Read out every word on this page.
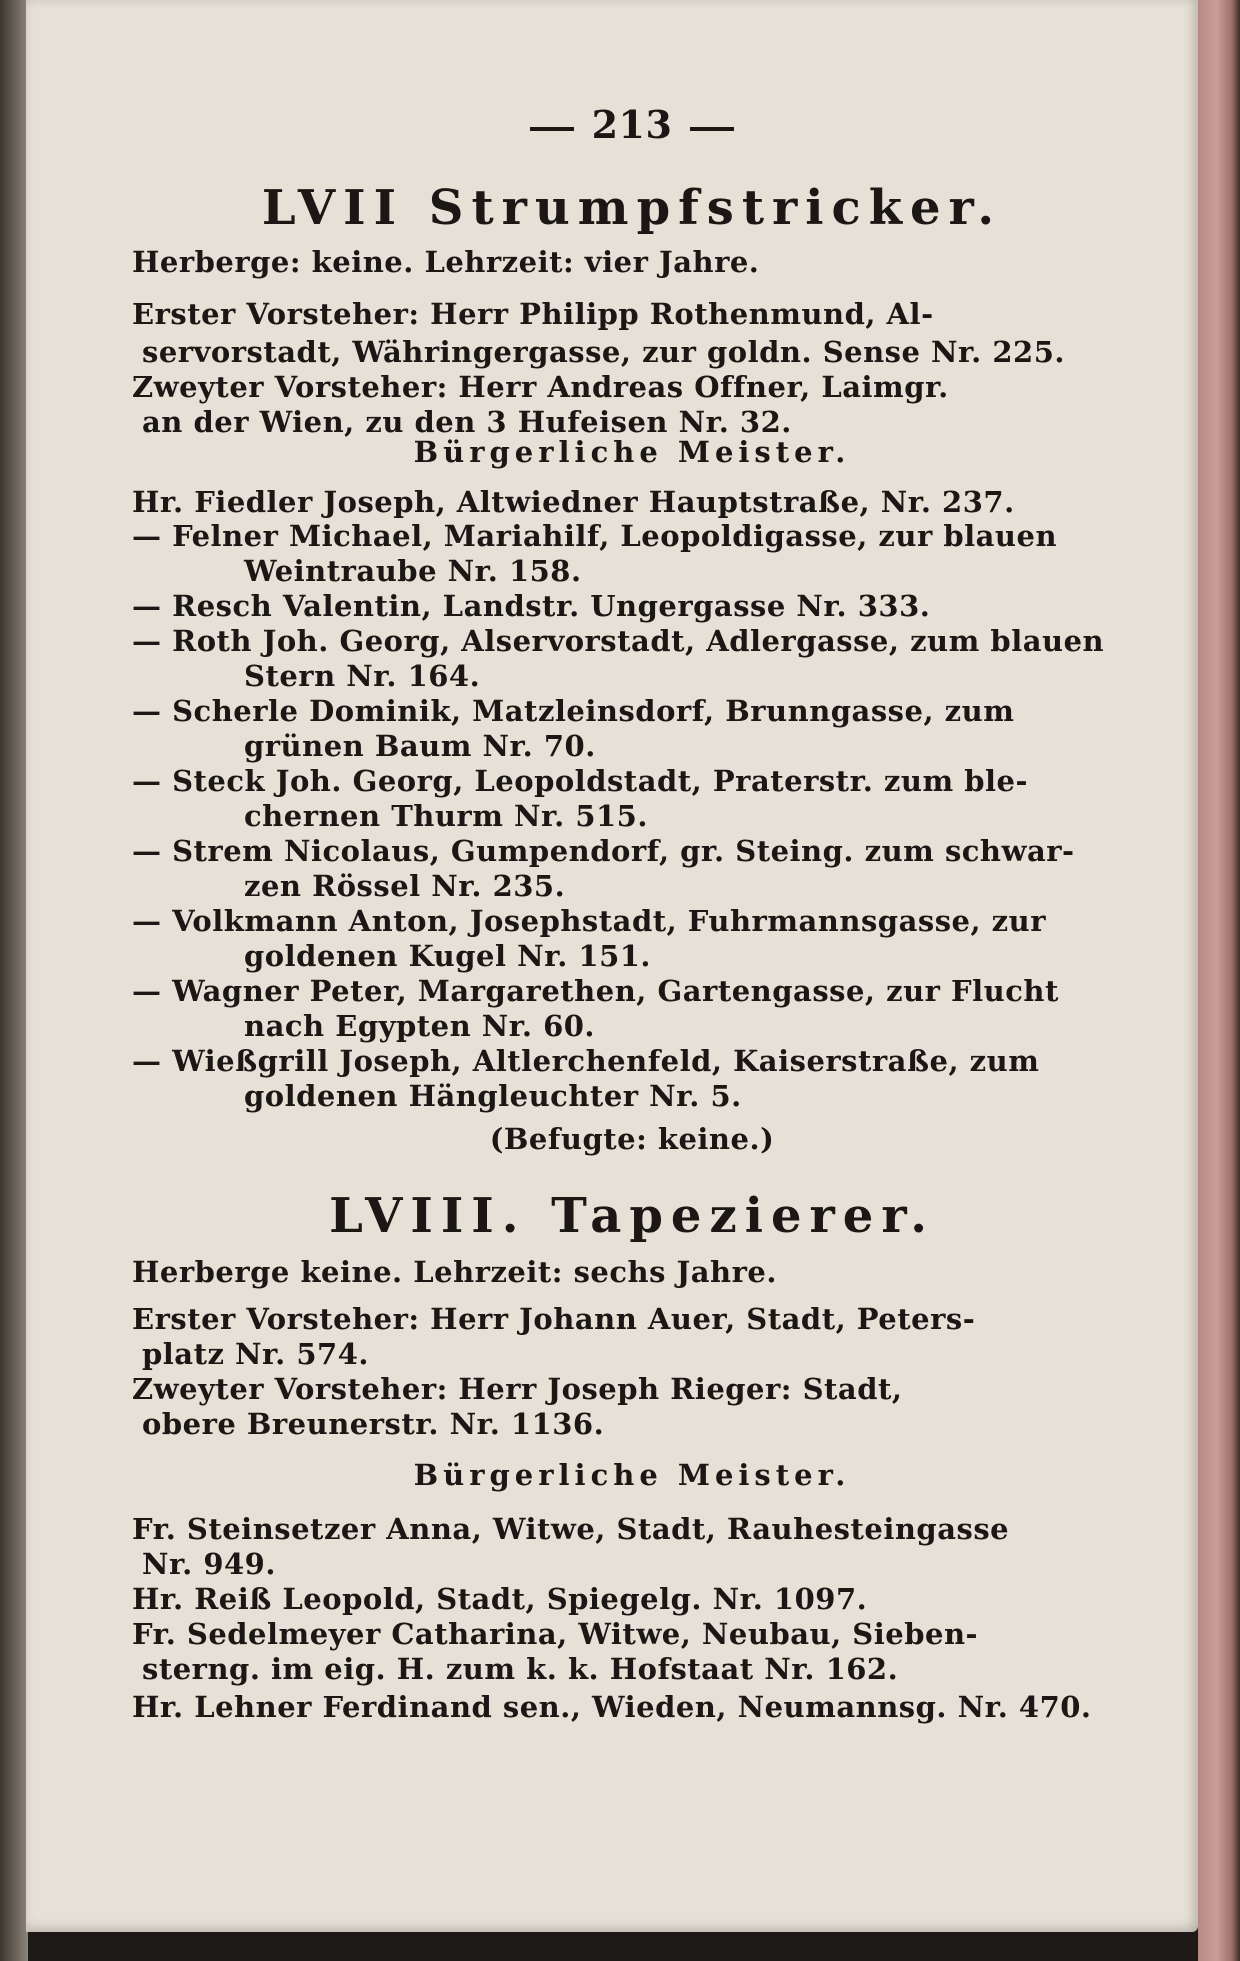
213
LVII Strumpfstricker.
Herberge: keine. Lehrzeit: vier Jahre.
Erster Vorsteher: Herr Philipp Rothenmund, Al-
servorstadt, Währingergasse, zur goldn. Sense Nr. 225.
Zweyter Vorsteher: Herr Andreas Offner, Laimgr.
an der Wien, zu den 3 Hufeisen Nr. 32.
Bürgerliche Meister.
Hr. Fiedler Joseph, Altwiedner Hauptstraße, Nr. 237.
— Felner Michael, Mariahilf, Leopoldigasse, zur blauen
Weintraube Nr. 158.
— Resch Valentin, Landstr. Ungergasse Nr. 333.
— Roth Joh. Georg, Alservorstadt, Adlergasse, zum blauen
Stern Nr. 164.
— Scherle Dominik, Matzleinsdorf, Brunngasse, zum
grünen Baum Nr. 70.
— Steck Joh. Georg, Leopoldstadt, Praterstr. zum ble-
chernen Thurm Nr. 515.
— Strem Nicolaus, Gumpendorf, gr. Steing. zum schwar-
zen Rössel Nr. 235.
— Volkmann Anton, Josephstadt, Fuhrmannsgasse, zur
goldenen Kugel Nr. 151.
— Wagner Peter, Margarethen, Gartengasse, zur Flucht
nach Egypten Nr. 60.
— Wießgrill Joseph, Altlerchenfeld, Kaiserstraße, zum
goldenen Hängleuchter Nr. 5.
(Befugte: keine.)
LVIII. Tapezierer.
Herberge keine. Lehrzeit: sechs Jahre.
Erster Vorsteher: Herr Johann Auer, Stadt, Peters-
platz Nr. 574.
Zweyter Vorsteher: Herr Joseph Rieger: Stadt,
obere Breunerstr. Nr. 1136.
Bürgerliche Meister.
Fr. Steinsetzer Anna, Witwe, Stadt, Rauhesteingasse
Nr. 949.
Hr. Reiß Leopold, Stadt, Spiegelg. Nr. 1097.
Fr. Sedelmeyer Catharina, Witwe, Neubau, Sieben-
sterng. im eig. H. zum k. k. Hofstaat Nr. 162.
Hr. Lehner Ferdinand sen., Wieden, Neumannsg. Nr. 470.
